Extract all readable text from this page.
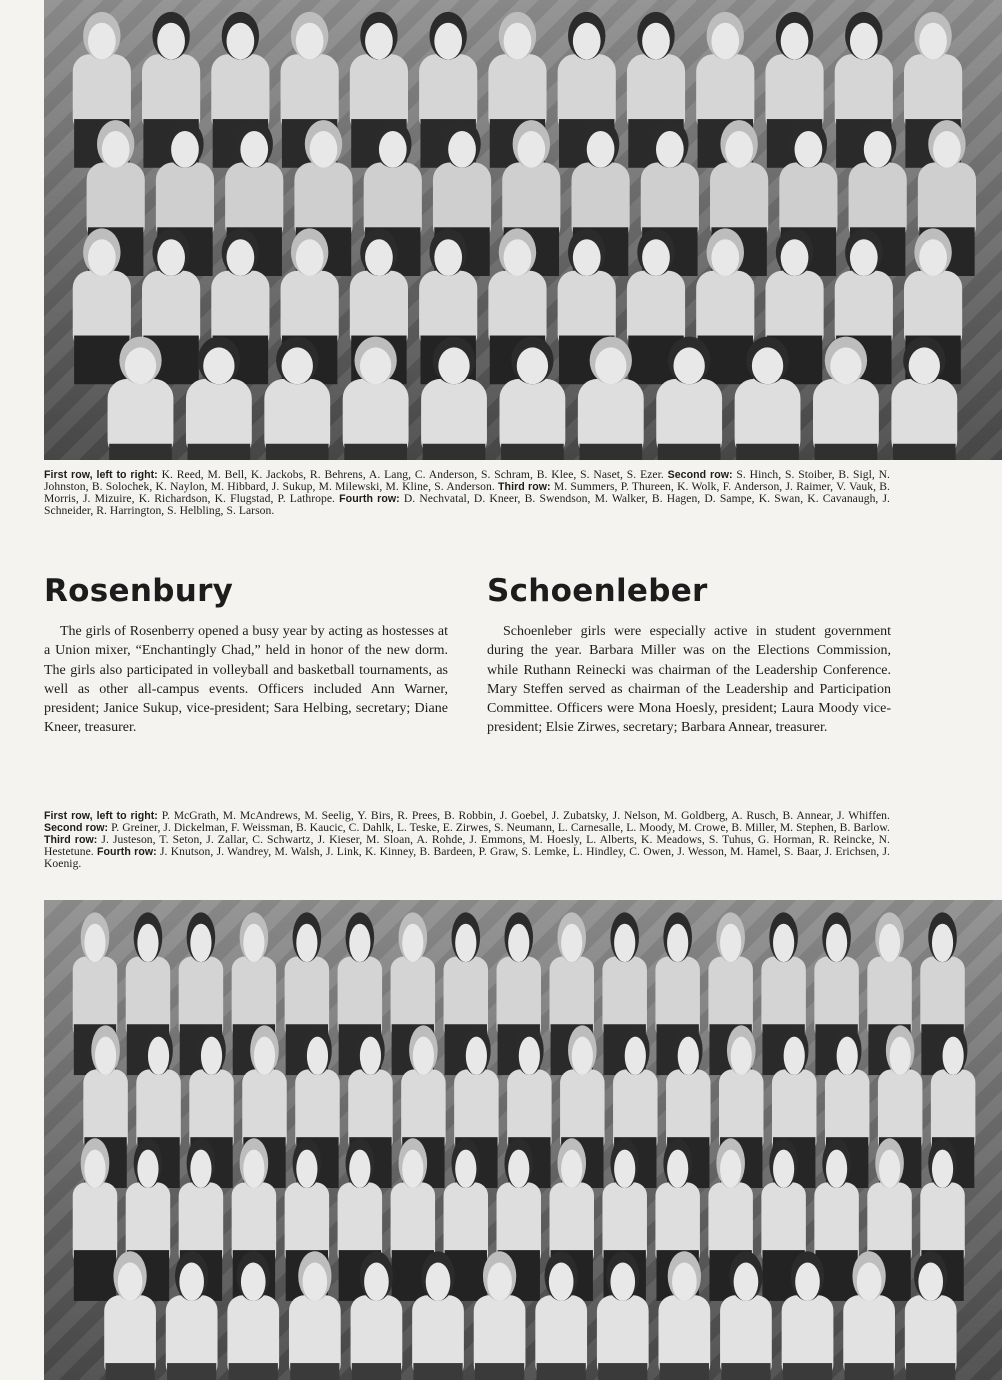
First row, left to right: K. Reed, M. Bell, K. Jackobs, R. Behrens, A. Lang, C. Anderson, S. Schram, B. Klee, S. Naset, S. Ezer. Second row: S. Hinch, S. Stoiber, B. Sigl, N. Johnston, B. Solochek, K. Naylon, M. Hibbard, J. Sukup, M. Milewski, M. Kline, S. Anderson. Third row: M. Summers, P. Thureen, K. Wolk, F. Anderson, J. Raimer, V. Vauk, B. Morris, J. Mizuire, K. Richardson, K. Flugstad, P. Lathrope. Fourth row: D. Nechvatal, D. Kneer, B. Swendson, M. Walker, B. Hagen, D. Sampe, K. Swan, K. Cavanaugh, J. Schneider, R. Harrington, S. Helbling, S. Larson.

Rosenbury

The girls of Rosenberry opened a busy year by acting as hostesses at a Union mixer, “Enchantingly Chad,” held in honor of the new dorm. The girls also participated in volleyball and basketball tournaments, as well as other all-campus events. Officers included Ann Warner, president; Janice Sukup, vice-president; Sara Helbing, secretary; Diane Kneer, treasurer.

Schoenleber

Schoenleber girls were especially active in student government during the year. Barbara Miller was on the Elections Commission, while Ruthann Reinecki was chairman of the Leadership Conference. Mary Steffen served as chairman of the Leadership and Participation Committee. Officers were Mona Hoesly, president; Laura Moody vice-president; Elsie Zirwes, secretary; Barbara Annear, treasurer.

First row, left to right: P. McGrath, M. McAndrews, M. Seelig, Y. Birs, R. Prees, B. Robbin, J. Goebel, J. Zubatsky, J. Nelson, M. Goldberg, A. Rusch, B. Annear, J. Whiffen. Second row: P. Greiner, J. Dickelman, F. Weissman, B. Kaucic, C. Dahlk, L. Teske, E. Zirwes, S. Neumann, L. Carnesalle, L. Moody, M. Crowe, B. Miller, M. Stephen, B. Barlow. Third row: J. Justeson, T. Seton, J. Zallar, C. Schwartz, J. Kieser, M. Sloan, A. Rohde, J. Emmons, M. Hoesly, L. Alberts, K. Meadows, S. Tuhus, G. Horman, R. Reincke, N. Hestetune. Fourth row: J. Knutson, J. Wandrey, M. Walsh, J. Link, K. Kinney, B. Bardeen, P. Graw, S. Lemke, L. Hindley, C. Owen, J. Wesson, M. Hamel, S. Baar, J. Erichsen, J. Koenig.
